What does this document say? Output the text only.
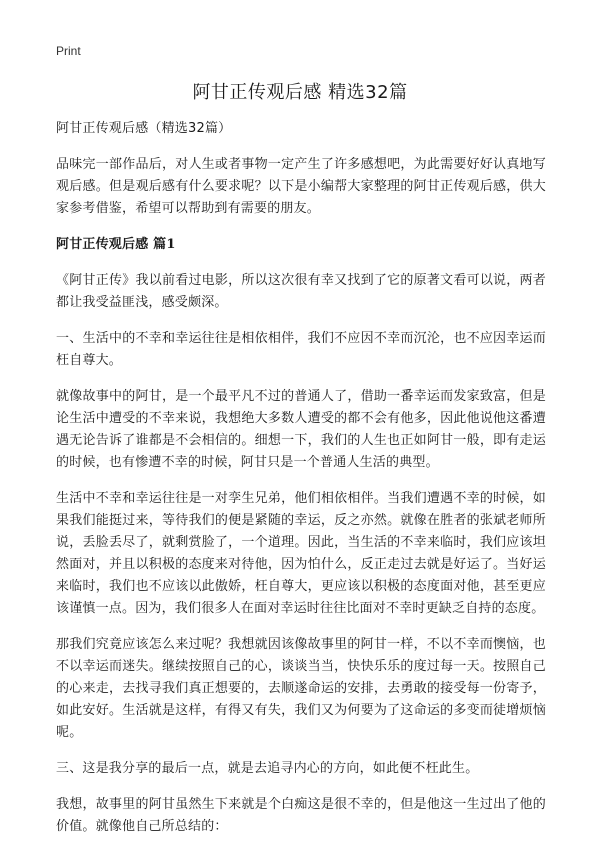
Print
阿甘正传观后感 精选32篇

阿甘正传观后感（精选32篇）

品味完一部作品后，对人生或者事物一定产生了许多感想吧，为此需要好好认真地写观后感。但是观后感有什么要求呢？以下是小编帮大家整理的阿甘正传观后感，供大家参考借鉴，希望可以帮助到有需要的朋友。

阿甘正传观后感 篇1

《阿甘正传》我以前看过电影，所以这次很有幸又找到了它的原著文看可以说，两者都让我受益匪浅，感受颇深。

一、生活中的不幸和幸运往往是相依相伴，我们不应因不幸而沉沦，也不应因幸运而枉自尊大。

就像故事中的阿甘，是一个最平凡不过的普通人了，借助一番幸运而发家致富，但是论生活中遭受的不幸来说，我想绝大多数人遭受的都不会有他多，因此他说他这番遭遇无论告诉了谁都是不会相信的。细想一下，我们的人生也正如阿甘一般，即有走运的时候，也有惨遭不幸的时候，阿甘只是一个普通人生活的典型。

生活中不幸和幸运往往是一对孪生兄弟，他们相依相伴。当我们遭遇不幸的时候，如果我们能挺过来，等待我们的便是紧随的幸运，反之亦然。就像在胜者的张斌老师所说，丢脸丢尽了，就剩赏脸了，一个道理。因此，当生活的不幸来临时，我们应该坦然面对，并且以积极的态度来对待他，因为怕什么，反正走过去就是好运了。当好运来临时，我们也不应该以此傲娇，枉自尊大，更应该以积极的态度面对他，甚至更应该谨慎一点。因为，我们很多人在面对幸运时往往比面对不幸时更缺乏自持的态度。

那我们究竟应该怎么来过呢？我想就因该像故事里的阿甘一样，不以不幸而懊恼，也不以幸运而迷失。继续按照自己的心，谈谈当当，快快乐乐的度过每一天。按照自己的心来走，去找寻我们真正想要的，去顺遂命运的安排，去勇敢的接受每一份寄予，如此安好。生活就是这样，有得又有失，我们又为何要为了这命运的多变而徒增烦恼呢。

三、这是我分享的最后一点，就是去追寻内心的方向，如此便不枉此生。

我想，故事里的阿甘虽然生下来就是个白痴这是很不幸的，但是他这一生过出了他的价值。就像他自己所总结的：
